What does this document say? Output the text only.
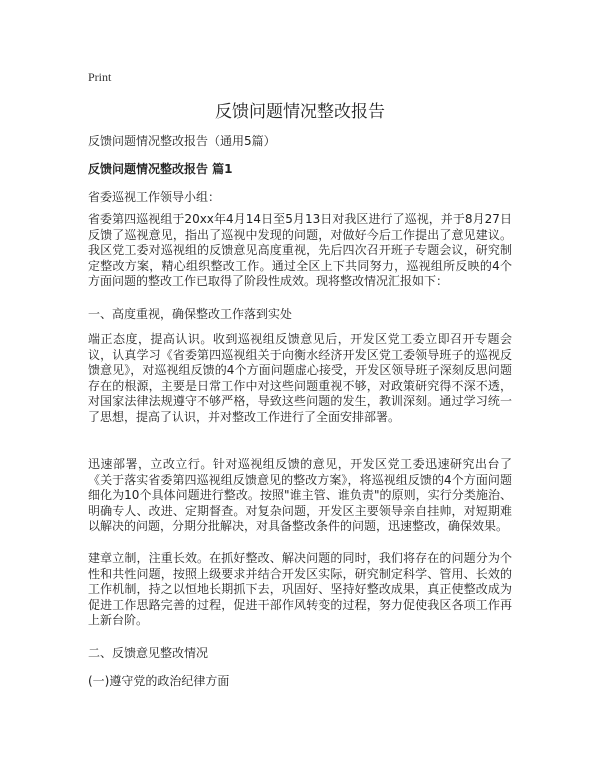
Print
反馈问题情况整改报告
反馈问题情况整改报告（通用5篇）
反馈问题情况整改报告 篇1
省委巡视工作领导小组：

省委第四巡视组于20xx年4月14日至5月13日对我区进行了巡视，并于8月27日反馈了巡视意见，指出了巡视中发现的问题，对做好今后工作提出了意见建议。我区党工委对巡视组的反馈意见高度重视，先后四次召开班子专题会议，研究制定整改方案，精心组织整改工作。通过全区上下共同努力，巡视组所反映的4个方面问题的整改工作已取得了阶段性成效。现将整改情况汇报如下：

一、高度重视，确保整改工作落到实处

端正态度，提高认识。收到巡视组反馈意见后，开发区党工委立即召开专题会议，认真学习《省委第四巡视组关于向衡水经济开发区党工委领导班子的巡视反馈意见》，对巡视组反馈的4个方面问题虚心接受，开发区领导班子深刻反思问题存在的根源，主要是日常工作中对这些问题重视不够，对政策研究得不深不透，对国家法律法规遵守不够严格，导致这些问题的发生，教训深刻。通过学习统一了思想，提高了认识，并对整改工作进行了全面安排部署。

迅速部署，立改立行。针对巡视组反馈的意见，开发区党工委迅速研究出台了《关于落实省委第四巡视组反馈意见的整改方案》，将巡视组反馈的4个方面问题细化为10个具体问题进行整改。按照"谁主管、谁负责"的原则，实行分类施治、明确专人、改进、定期督查。对复杂问题，开发区主要领导亲自挂帅，对短期难以解决的问题，分期分批解决，对具备整改条件的问题，迅速整改，确保效果。

建章立制，注重长效。在抓好整改、解决问题的同时，我们将存在的问题分为个性和共性问题，按照上级要求并结合开发区实际，研究制定科学、管用、长效的工作机制，持之以恒地长期抓下去，巩固好、坚持好整改成果，真正使整改成为促进工作思路完善的过程，促进干部作风转变的过程，努力促使我区各项工作再上新台阶。

二、反馈意见整改情况
(一)遵守党的政治纪律方面
